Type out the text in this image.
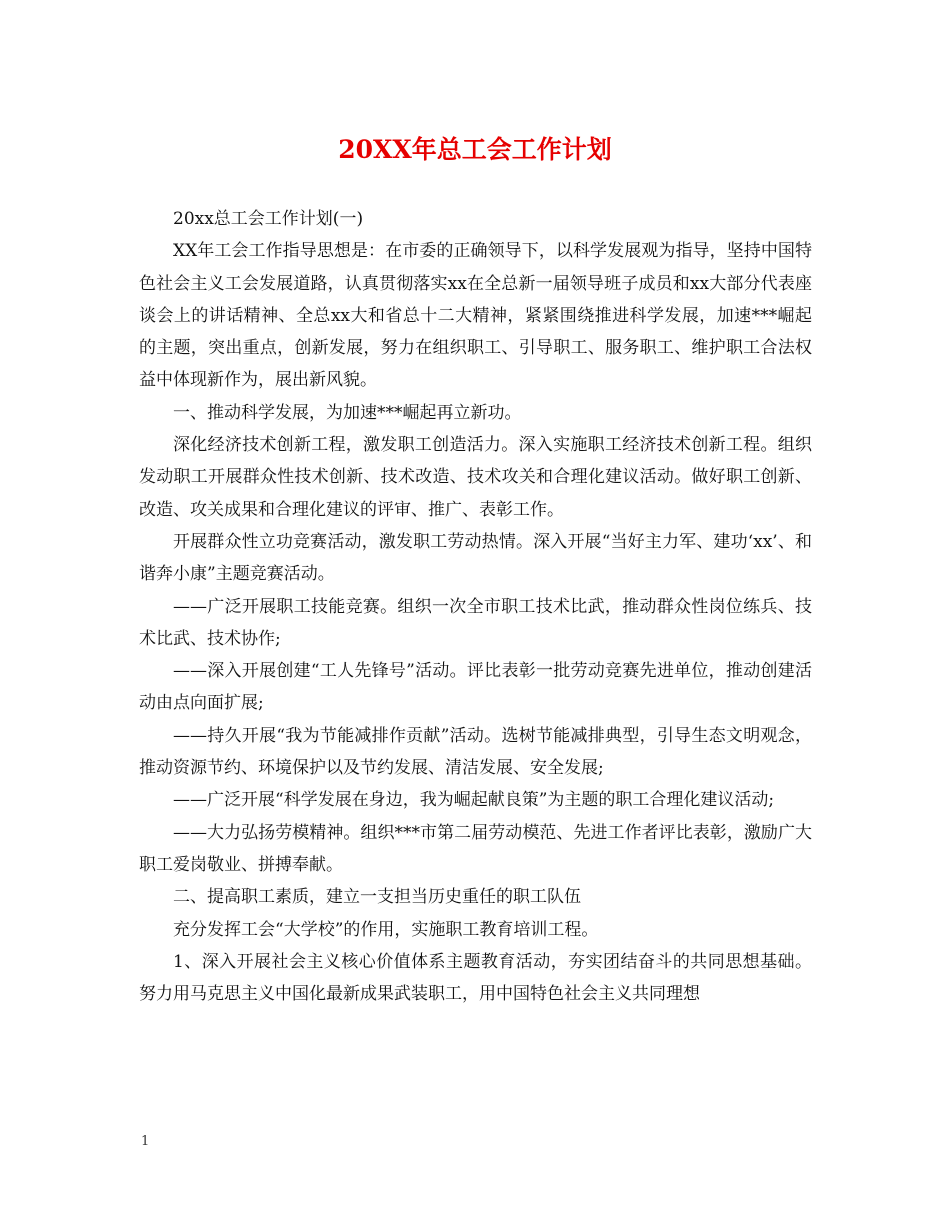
20XX年总工会工作计划

20xx总工会工作计划(一)

XX年工会工作指导思想是：在市委的正确领导下，以科学发展观为指导，坚持中国特色社会主义工会发展道路，认真贯彻落实xx在全总新一届领导班子成员和xx大部分代表座谈会上的讲话精神、全总xx大和省总十二大精神，紧紧围绕推进科学发展，加速***崛起的主题，突出重点，创新发展，努力在组织职工、引导职工、服务职工、维护职工合法权益中体现新作为，展出新风貌。

一、推动科学发展，为加速***崛起再立新功。

深化经济技术创新工程，激发职工创造活力。深入实施职工经济技术创新工程。组织发动职工开展群众性技术创新、技术改造、技术攻关和合理化建议活动。做好职工创新、改造、攻关成果和合理化建议的评审、推广、表彰工作。

开展群众性立功竞赛活动，激发职工劳动热情。深入开展“当好主力军、建功‘xx’、和谐奔小康”主题竞赛活动。

——广泛开展职工技能竞赛。组织一次全市职工技术比武，推动群众性岗位练兵、技术比武、技术协作;

——深入开展创建“工人先锋号”活动。评比表彰一批劳动竞赛先进单位，推动创建活动由点向面扩展;

——持久开展“我为节能减排作贡献”活动。选树节能减排典型，引导生态文明观念，推动资源节约、环境保护以及节约发展、清洁发展、安全发展;

——广泛开展“科学发展在身边，我为崛起献良策”为主题的职工合理化建议活动;

——大力弘扬劳模精神。组织***市第二届劳动模范、先进工作者评比表彰，激励广大职工爱岗敬业、拼搏奉献。

二、提高职工素质，建立一支担当历史重任的职工队伍

充分发挥工会“大学校”的作用，实施职工教育培训工程。

1、深入开展社会主义核心价值体系主题教育活动，夯实团结奋斗的共同思想基础。努力用马克思主义中国化最新成果武装职工，用中国特色社会主义共同理想

1
